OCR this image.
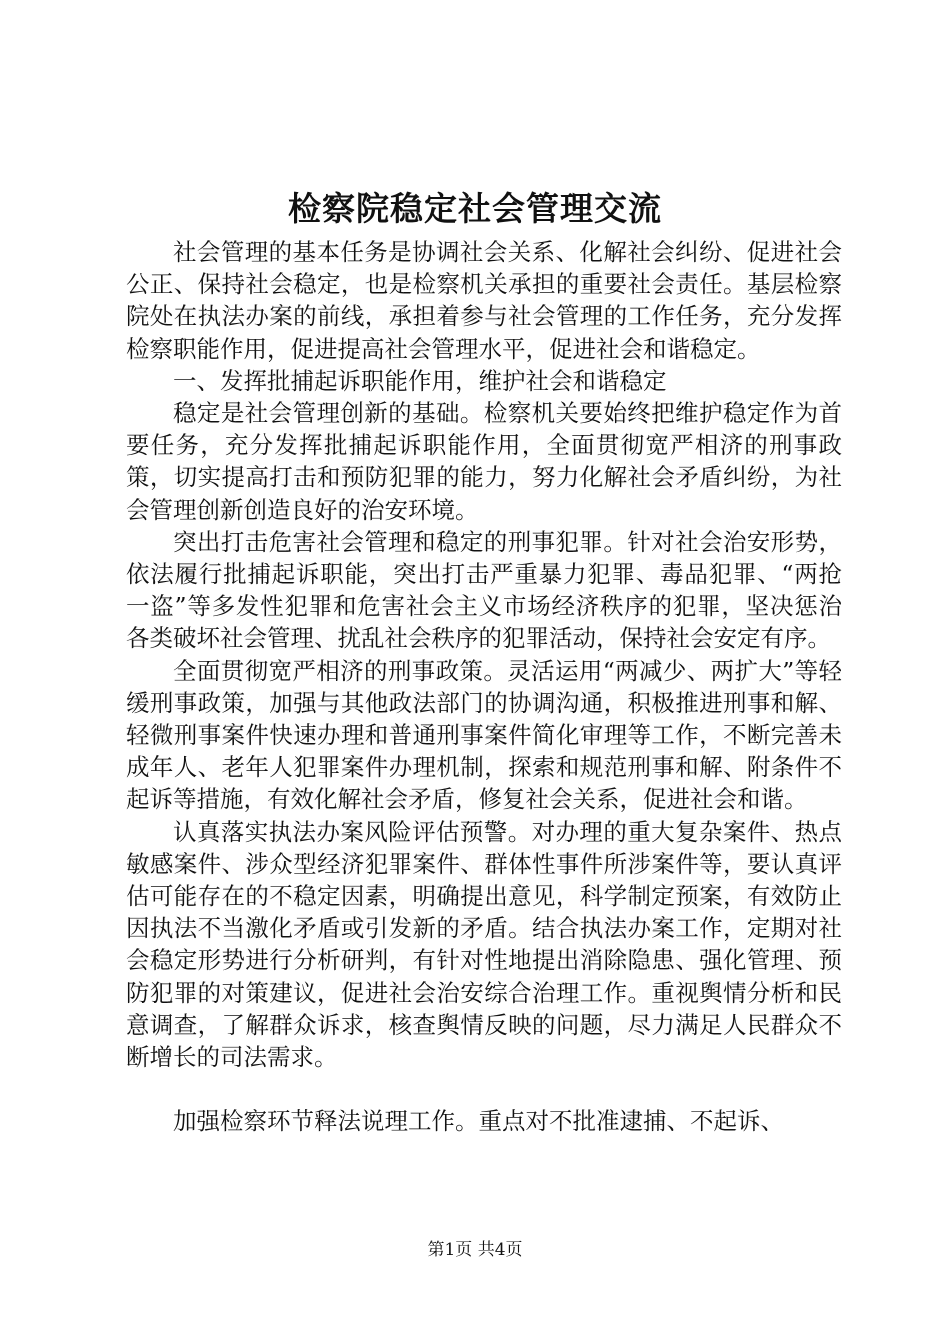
检察院稳定社会管理交流

社会管理的基本任务是协调社会关系、化解社会纠纷、促进社会公正、保持社会稳定，也是检察机关承担的重要社会责任。基层检察院处在执法办案的前线，承担着参与社会管理的工作任务，充分发挥检察职能作用，促进提高社会管理水平，促进社会和谐稳定。

一、发挥批捕起诉职能作用，维护社会和谐稳定

稳定是社会管理创新的基础。检察机关要始终把维护稳定作为首要任务，充分发挥批捕起诉职能作用，全面贯彻宽严相济的刑事政策，切实提高打击和预防犯罪的能力，努力化解社会矛盾纠纷，为社会管理创新创造良好的治安环境。

突出打击危害社会管理和稳定的刑事犯罪。针对社会治安形势，依法履行批捕起诉职能，突出打击严重暴力犯罪、毒品犯罪、“两抢一盗”等多发性犯罪和危害社会主义市场经济秩序的犯罪，坚决惩治各类破坏社会管理、扰乱社会秩序的犯罪活动，保持社会安定有序。

全面贯彻宽严相济的刑事政策。灵活运用“两减少、两扩大”等轻缓刑事政策，加强与其他政法部门的协调沟通，积极推进刑事和解、轻微刑事案件快速办理和普通刑事案件简化审理等工作，不断完善未成年人、老年人犯罪案件办理机制，探索和规范刑事和解、附条件不起诉等措施，有效化解社会矛盾，修复社会关系，促进社会和谐。

认真落实执法办案风险评估预警。对办理的重大复杂案件、热点敏感案件、涉众型经济犯罪案件、群体性事件所涉案件等，要认真评估可能存在的不稳定因素，明确提出意见，科学制定预案，有效防止因执法不当激化矛盾或引发新的矛盾。结合执法办案工作，定期对社会稳定形势进行分析研判，有针对性地提出消除隐患、强化管理、预防犯罪的对策建议，促进社会治安综合治理工作。重视舆情分析和民意调查，了解群众诉求，核查舆情反映的问题，尽力满足人民群众不断增长的司法需求。

加强检察环节释法说理工作。重点对不批准逮捕、不起诉、

第1页 共4页
